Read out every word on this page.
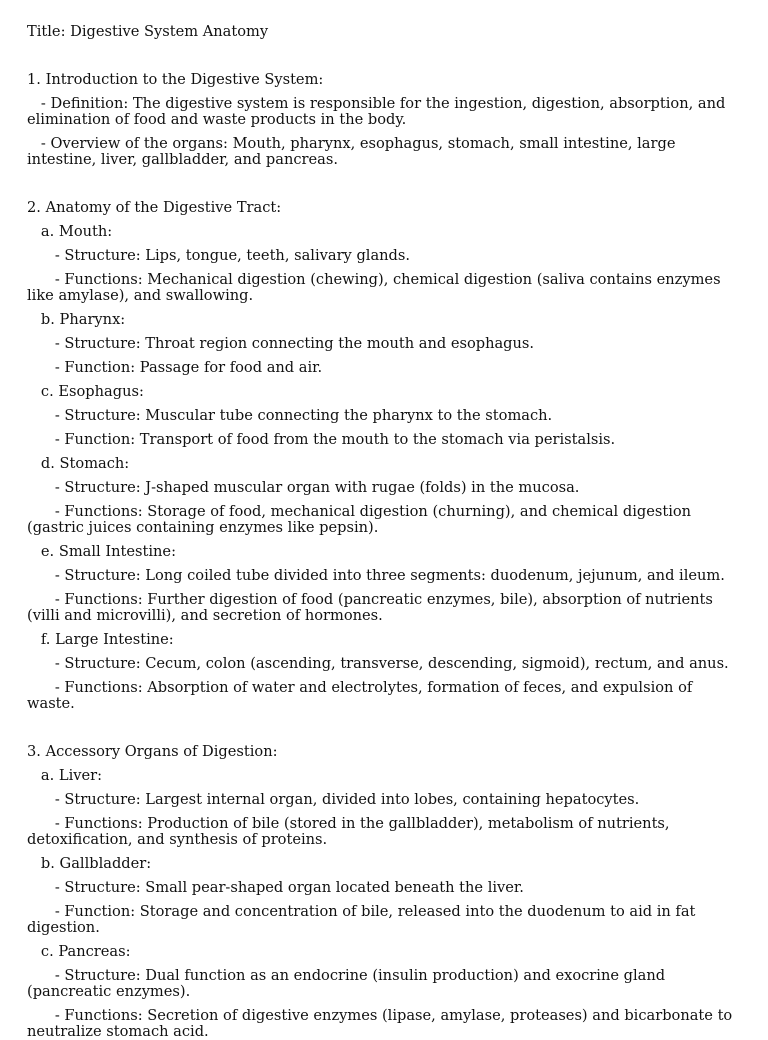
Title: Digestive System Anatomy

1. Introduction to the Digestive System:

- Definition: The digestive system is responsible for the ingestion, digestion, absorption, and elimination of food and waste products in the body.

- Overview of the organs: Mouth, pharynx, esophagus, stomach, small intestine, large intestine, liver, gallbladder, and pancreas.

2. Anatomy of the Digestive Tract:

a. Mouth:

- Structure: Lips, tongue, teeth, salivary glands.

- Functions: Mechanical digestion (chewing), chemical digestion (saliva contains enzymes like amylase), and swallowing.

b. Pharynx:

- Structure: Throat region connecting the mouth and esophagus.

- Function: Passage for food and air.

c. Esophagus:

- Structure: Muscular tube connecting the pharynx to the stomach.

- Function: Transport of food from the mouth to the stomach via peristalsis.

d. Stomach:

- Structure: J-shaped muscular organ with rugae (folds) in the mucosa.

- Functions: Storage of food, mechanical digestion (churning), and chemical digestion (gastric juices containing enzymes like pepsin).

e. Small Intestine:

- Structure: Long coiled tube divided into three segments: duodenum, jejunum, and ileum.

- Functions: Further digestion of food (pancreatic enzymes, bile), absorption of nutrients (villi and microvilli), and secretion of hormones.

f. Large Intestine:

- Structure: Cecum, colon (ascending, transverse, descending, sigmoid), rectum, and anus.

- Functions: Absorption of water and electrolytes, formation of feces, and expulsion of waste.

3. Accessory Organs of Digestion:

a. Liver:

- Structure: Largest internal organ, divided into lobes, containing hepatocytes.

- Functions: Production of bile (stored in the gallbladder), metabolism of nutrients, detoxification, and synthesis of proteins.

b. Gallbladder:

- Structure: Small pear-shaped organ located beneath the liver.

- Function: Storage and concentration of bile, released into the duodenum to aid in fat digestion.

c. Pancreas:

- Structure: Dual function as an endocrine (insulin production) and exocrine gland (pancreatic enzymes).

- Functions: Secretion of digestive enzymes (lipase, amylase, proteases) and bicarbonate to neutralize stomach acid.
